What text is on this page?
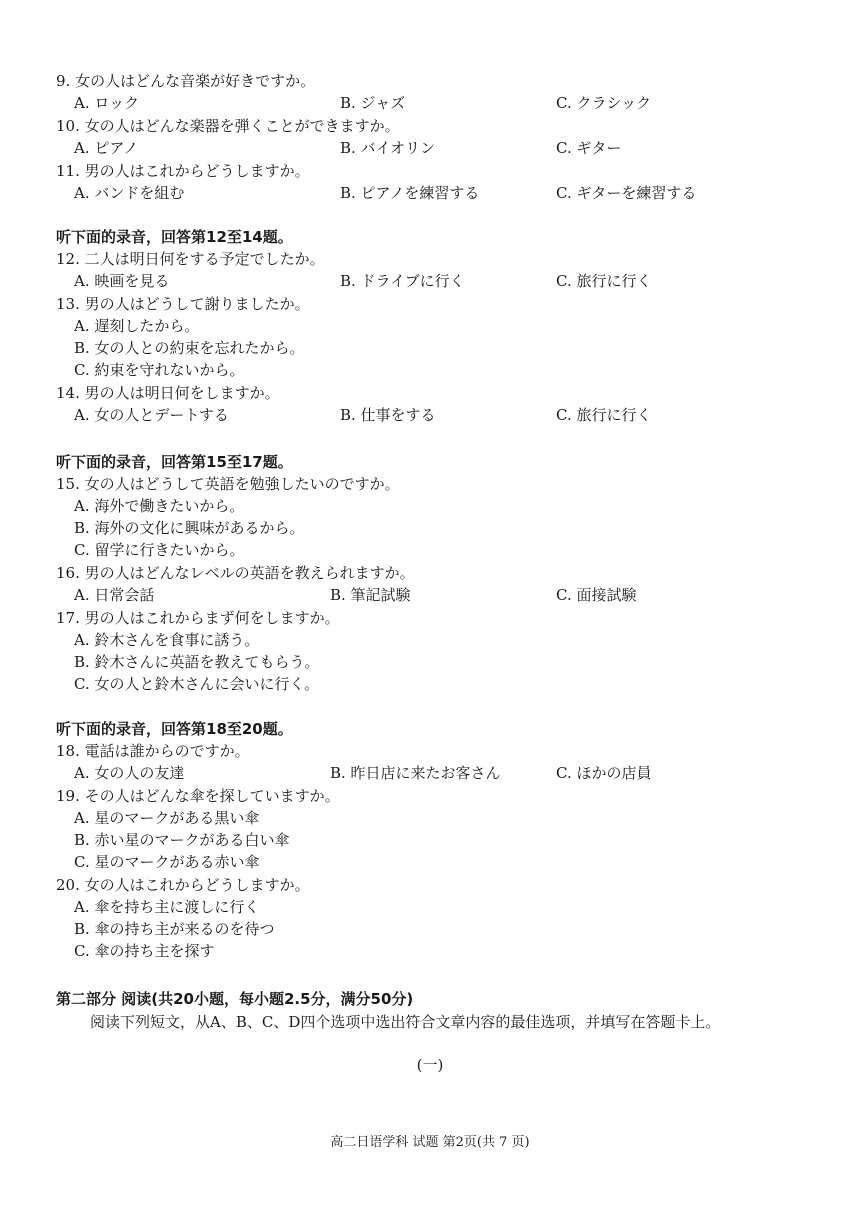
9. 女の人はどんな音楽が好きですか。
A. ロック	B. ジャズ	C. クラシック
10. 女の人はどんな楽器を弾くことができますか。
A. ピアノ	B. バイオリン	C. ギター
11. 男の人はこれからどうしますか。
A. バンドを組む	B. ピアノを練習する	C. ギターを練習する
听下面的录音，回答第12至14题。
12. 二人は明日何をする予定でしたか。
A. 映画を見る	B. ドライブに行く	C. 旅行に行く
13. 男の人はどうして謝りましたか。
A. 遅刻したから。
B. 女の人との約束を忘れたから。
C. 約束を守れないから。
14. 男の人は明日何をしますか。
A. 女の人とデートする	B. 仕事をする	C. 旅行に行く
听下面的录音，回答第15至17题。
15. 女の人はどうして英語を勉強したいのですか。
A. 海外で働きたいから。
B. 海外の文化に興味があるから。
C. 留学に行きたいから。
16. 男の人はどんなレベルの英語を教えられますか。
A. 日常会話	B. 筆記試験	C. 面接試験
17. 男の人はこれからまず何をしますか。
A. 鈴木さんを食事に誘う。
B. 鈴木さんに英語を教えてもらう。
C. 女の人と鈴木さんに会いに行く。
听下面的录音，回答第18至20题。
18. 電話は誰からのですか。
A. 女の人の友達	B. 昨日店に来たお客さん	C. ほかの店員
19. その人はどんな傘を探していますか。
A. 星のマークがある黒い傘
B. 赤い星のマークがある白い傘
C. 星のマークがある赤い傘
20. 女の人はこれからどうしますか。
A. 傘を持ち主に渡しに行く
B. 傘の持ち主が来るのを待つ
C. 傘の持ち主を探す
第二部分 阅读(共20小题，每小题2.5分，满分50分)
阅读下列短文，从A、B、C、D四个选项中选出符合文章内容的最佳选项，并填写在答题卡上。
(一)
高二日语学科 试题 第2页(共 7 页)
